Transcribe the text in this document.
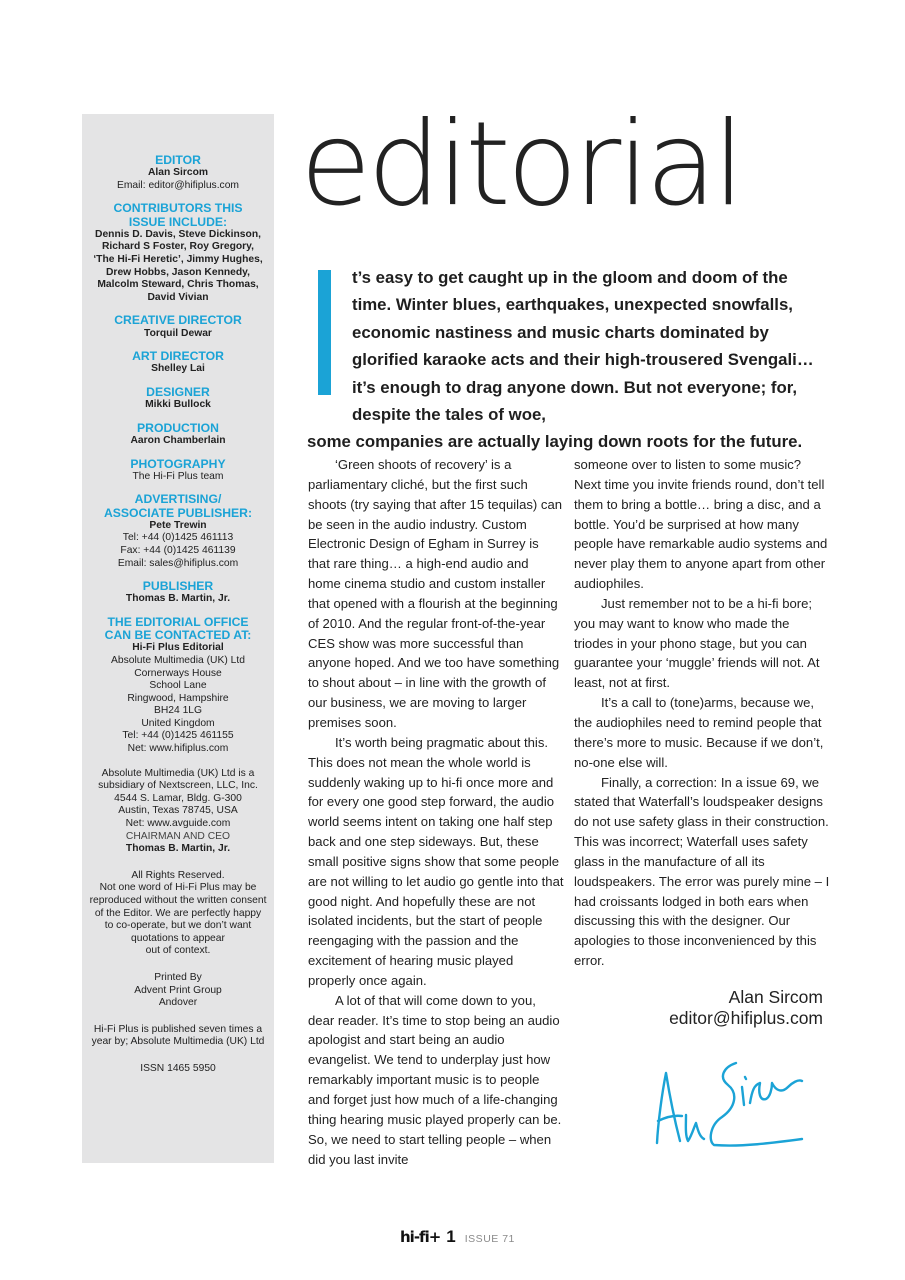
EDITOR
Alan Sircom
Email: editor@hifiplus.com
CONTRIBUTORS THIS
ISSUE INCLUDE:
Dennis D. Davis, Steve Dickinson,
Richard S Foster, Roy Gregory,
‘The Hi-Fi Heretic’, Jimmy Hughes,
Drew Hobbs, Jason Kennedy,
Malcolm Steward, Chris Thomas,
David Vivian
CREATIVE DIRECTOR
Torquil Dewar
ART DIRECTOR
Shelley Lai
DESIGNER
Mikki Bullock
PRODUCTION
Aaron Chamberlain
PHOTOGRAPHY
The Hi-Fi Plus team
ADVERTISING/
ASSOCIATE PUBLISHER:
Pete Trewin
Tel: +44 (0)1425 461113
Fax: +44 (0)1425 461139
Email: sales@hifiplus.com
PUBLISHER
Thomas B. Martin, Jr.
THE EDITORIAL OFFICE
CAN BE CONTACTED AT:
Hi-Fi Plus Editorial
Absolute Multimedia (UK) Ltd
Cornerways House
School Lane
Ringwood, Hampshire
BH24 1LG
United Kingdom
Tel: +44 (0)1425 461155
Net: www.hifiplus.com
Absolute Multimedia (UK) Ltd is a
subsidiary of Nextscreen, LLC, Inc.
4544 S. Lamar, Bldg. G-300
Austin, Texas 78745, USA
Net: www.avguide.com
CHAIRMAN AND CEO
Thomas B. Martin, Jr.
All Rights Reserved.
Not one word of Hi-Fi Plus may be
reproduced without the written consent
of the Editor. We are perfectly happy
to co-operate, but we don’t want
quotations to appear
out of context.
Printed By
Advent Print Group
Andover
Hi-Fi Plus is published seven times a
year by; Absolute Multimedia (UK) Ltd
ISSN 1465 5950
editorial

t’s easy to get caught up in the gloom and doom of the time. Winter blues, earthquakes, unexpected snowfalls, economic nastiness and music charts dominated by glorified karaoke acts and their high-trousered Svengali… it’s enough to drag anyone down. But not everyone; for, despite the tales of woe,
some companies are actually laying down roots for the future.

‘Green shoots of recovery’ is a parliamentary cliché, but the first such shoots (try saying that after 15 tequilas) can be seen in the audio industry. Custom Electronic Design of Egham in Surrey is that rare thing… a high-end audio and home cinema studio and custom installer that opened with a flourish at the beginning of 2010. And the regular front-of-the-year CES show was more successful than anyone hoped. And we too have something to shout about – in line with the growth of our business, we are moving to larger premises soon.

It’s worth being pragmatic about this. This does not mean the whole world is suddenly waking up to hi-fi once more and for every one good step forward, the audio world seems intent on taking one half step back and one step sideways. But, these small positive signs show that some people are not willing to let audio go gentle into that good night. And hopefully these are not isolated incidents, but the start of people reengaging with the passion and the excitement of hearing music played properly once again.

A lot of that will come down to you, dear reader. It’s time to stop being an audio apologist and start being an audio evangelist. We tend to underplay just how remarkably important music is to people and forget just how much of a life-changing thing hearing music played properly can be. So, we need to start telling people – when did you last invite

someone over to listen to some music? Next time you invite friends round, don’t tell them to bring a bottle… bring a disc, and a bottle. You’d be surprised at how many people have remarkable audio systems and never play them to anyone apart from other audiophiles.

Just remember not to be a hi-fi bore; you may want to know who made the triodes in your phono stage, but you can guarantee your ‘muggle’ friends will not. At least, not at first.

It’s a call to (tone)arms, because we, the audiophiles need to remind people that there’s more to music. Because if we don’t, no-one else will.

Finally, a correction: In a issue 69, we stated that Waterfall’s loudspeaker designs do not use safety glass in their construction. This was incorrect; Waterfall uses safety glass in the manufacture of all its loudspeakers. The error was purely mine – I had croissants lodged in both ears when discussing this with the designer. Our apologies to those inconvenienced by this error.

Alan Sircom
editor@hifiplus.com
hi-fi+ 1 ISSUE 71
